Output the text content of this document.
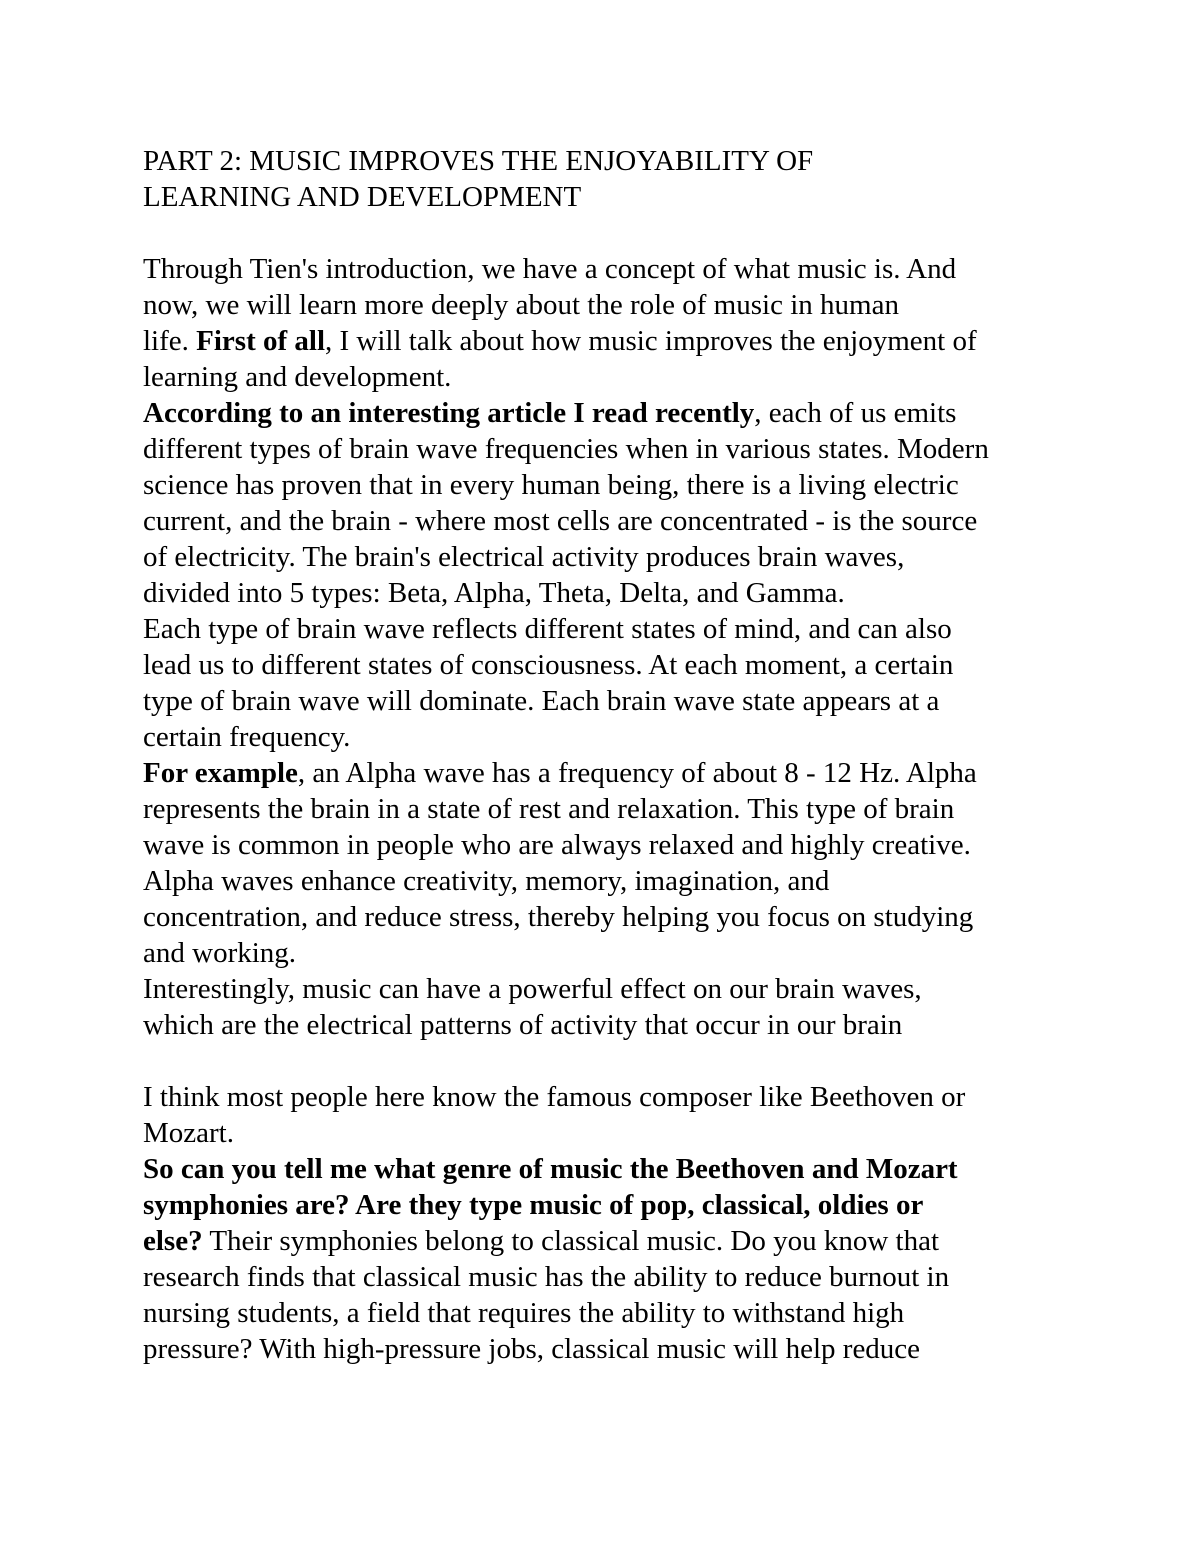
PART 2: MUSIC IMPROVES THE ENJOYABILITY OF
LEARNING AND DEVELOPMENT

Through Tien's introduction, we have a concept of what music is. And
now, we will learn more deeply about the role of music in human
life. First of all, I will talk about how music improves the enjoyment of
learning and development.

According to an interesting article I read recently, each of us emits
different types of brain wave frequencies when in various states. Modern
science has proven that in every human being, there is a living electric
current, and the brain - where most cells are concentrated - is the source
of electricity. The brain's electrical activity produces brain waves,
divided into 5 types: Beta, Alpha, Theta, Delta, and Gamma.

Each type of brain wave reflects different states of mind, and can also
lead us to different states of consciousness. At each moment, a certain
type of brain wave will dominate. Each brain wave state appears at a
certain frequency.

For example, an Alpha wave has a frequency of about 8 - 12 Hz. Alpha
represents the brain in a state of rest and relaxation. This type of brain
wave is common in people who are always relaxed and highly creative.
Alpha waves enhance creativity, memory, imagination, and
concentration, and reduce stress, thereby helping you focus on studying
and working.

Interestingly, music can have a powerful effect on our brain waves,
which are the electrical patterns of activity that occur in our brain

I think most people here know the famous composer like Beethoven or
Mozart.

So can you tell me what genre of music the Beethoven and Mozart
symphonies are? Are they type music of pop, classical, oldies or
else? Their symphonies belong to classical music. Do you know that
research finds that classical music has the ability to reduce burnout in
nursing students, a field that requires the ability to withstand high
pressure? With high-pressure jobs, classical music will help reduce
